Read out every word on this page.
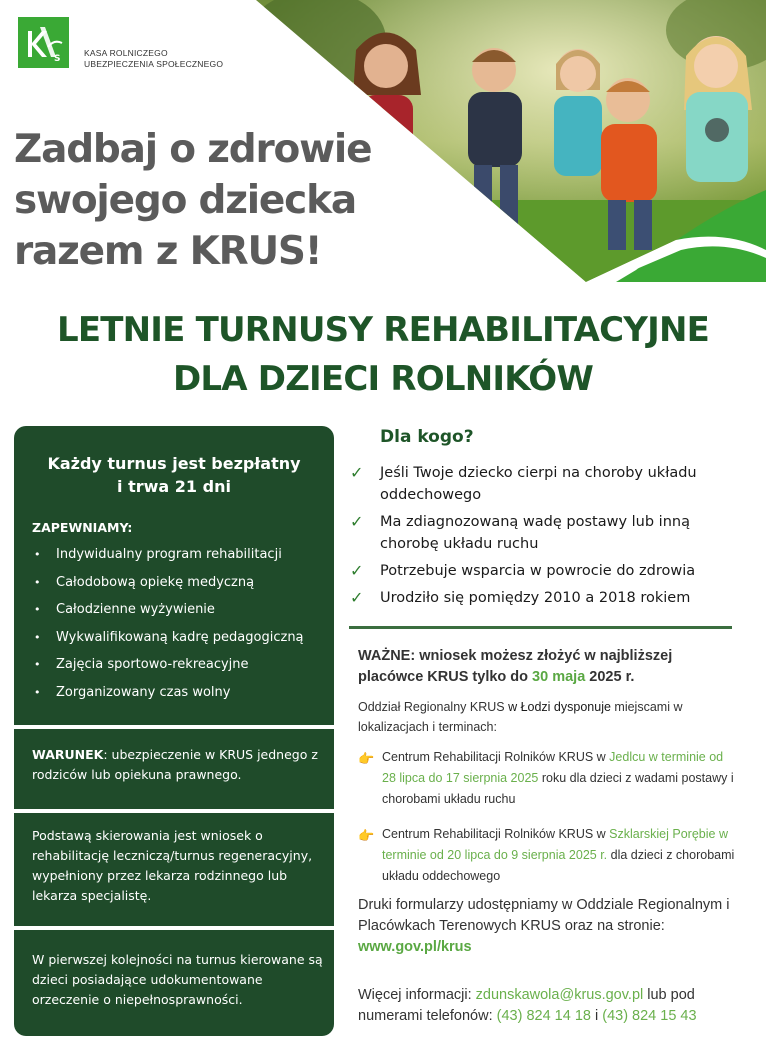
S
KASA ROLNICZEGO
UBEZPIECZENIA SPOŁECZNEGO
Zadbaj o zdrowie
swojego dziecka
razem z KRUS!
LETNIE TURNUSY REHABILITACYJNE
DLA DZIECI ROLNIKÓW
Każdy turnus jest bezpłatny
i trwa 21 dni
ZAPEWNIAMY:
• Indywidualny program rehabilitacji
• Całodobową opiekę medyczną
• Całodzienne wyżywienie
• Wykwalifikowaną kadrę pedagogiczną
• Zajęcia sportowo-rekreacyjne
• Zorganizowany czas wolny
WARUNEK: ubezpieczenie w KRUS jednego z rodziców lub opiekuna prawnego.
Podstawą skierowania jest wniosek o rehabilitację leczniczą/turnus regeneracyjny, wypełniony przez lekarza rodzinnego lub lekarza specjalistę.
W pierwszej kolejności na turnus kierowane są dzieci posiadające udokumentowane orzeczenie o niepełnosprawności.
Dla kogo?
✓ Jeśli Twoje dziecko cierpi na choroby układu oddechowego
✓ Ma zdiagnozowaną wadę postawy lub inną chorobę układu ruchu
✓ Potrzebuje wsparcia w powrocie do zdrowia
✓ Urodziło się pomiędzy 2010 a 2018 rokiem
WAŻNE: wniosek możesz złożyć w najbliższej placówce KRUS tylko do 30 maja 2025 r.
Oddział Regionalny KRUS w Łodzi dysponuje miejscami w lokalizacjach i terminach:
👉 Centrum Rehabilitacji Rolników KRUS w Jedlcu w terminie od 28 lipca do 17 sierpnia 2025 roku dla dzieci z wadami postawy i chorobami układu ruchu
👉 Centrum Rehabilitacji Rolników KRUS w Szklarskiej Porębie w terminie od 20 lipca do 9 sierpnia 2025 r. dla dzieci z chorobami układu oddechowego
Druki formularzy udostępniamy w Oddziale Regionalnym i Placówkach Terenowych KRUS oraz na stronie: www.gov.pl/krus
Więcej informacji: zdunskawola@krus.gov.pl lub pod numerami telefonów: (43) 824 14 18 i (43) 824 15 43
